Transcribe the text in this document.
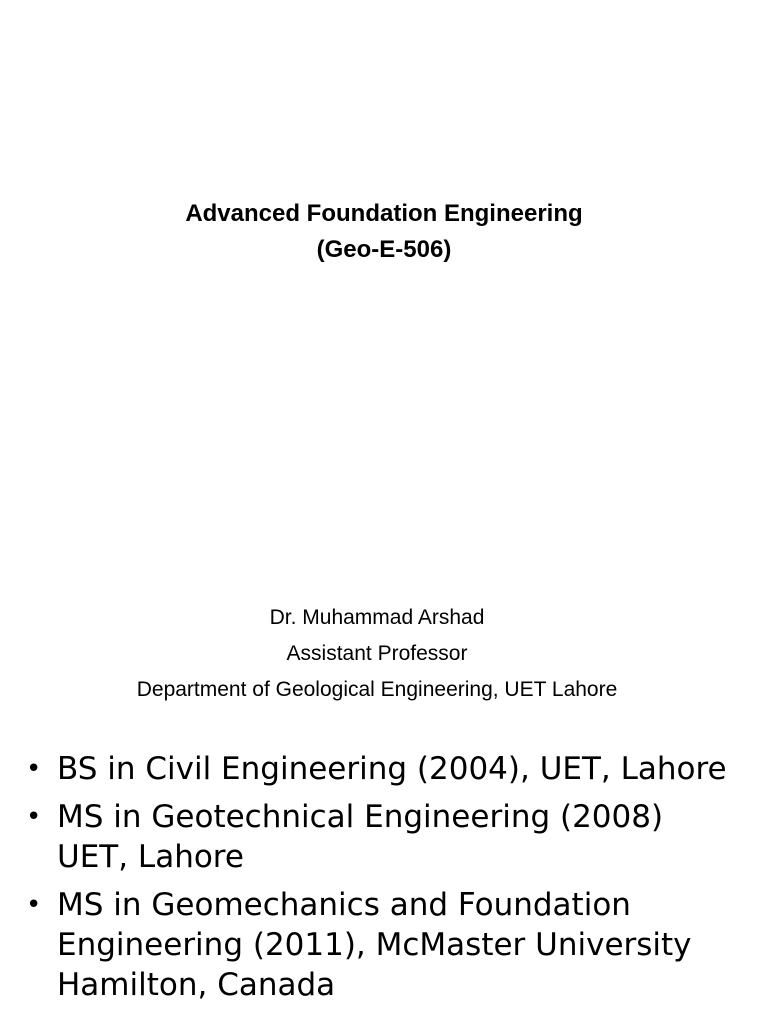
Advanced Foundation Engineering
(Geo-E-506)
Dr. Muhammad Arshad
Assistant Professor
Department of Geological Engineering, UET Lahore
• BS in Civil Engineering (2004), UET, Lahore
• MS in Geotechnical Engineering (2008) UET, Lahore
• MS in Geomechanics and Foundation Engineering (2011), McMaster University Hamilton, Canada
